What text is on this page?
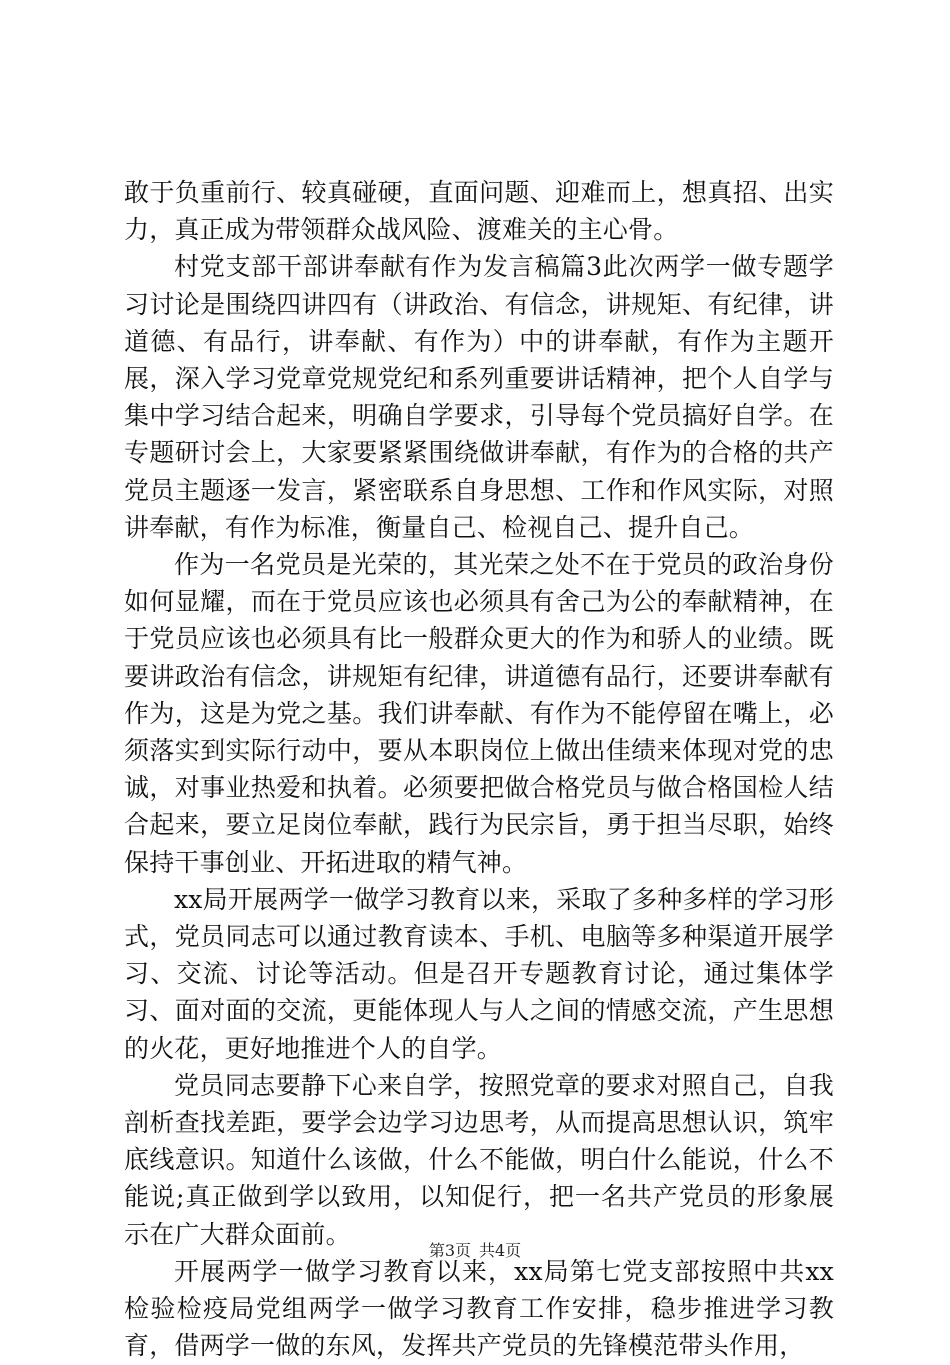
敢于负重前行、较真碰硬，直面问题、迎难而上，想真招、出实力，真正成为带领群众战风险、渡难关的主心骨。

村党支部干部讲奉献有作为发言稿篇3此次两学一做专题学习讨论是围绕四讲四有（讲政治、有信念，讲规矩、有纪律，讲道德、有品行，讲奉献、有作为）中的讲奉献，有作为主题开展，深入学习党章党规党纪和系列重要讲话精神，把个人自学与集中学习结合起来，明确自学要求，引导每个党员搞好自学。在专题研讨会上，大家要紧紧围绕做讲奉献，有作为的合格的共产党员主题逐一发言，紧密联系自身思想、工作和作风实际，对照讲奉献，有作为标准，衡量自己、检视自己、提升自己。

作为一名党员是光荣的，其光荣之处不在于党员的政治身份如何显耀，而在于党员应该也必须具有舍己为公的奉献精神，在于党员应该也必须具有比一般群众更大的作为和骄人的业绩。既要讲政治有信念，讲规矩有纪律，讲道德有品行，还要讲奉献有作为，这是为党之基。我们讲奉献、有作为不能停留在嘴上，必须落实到实际行动中，要从本职岗位上做出佳绩来体现对党的忠诚，对事业热爱和执着。必须要把做合格党员与做合格国检人结合起来，要立足岗位奉献，践行为民宗旨，勇于担当尽职，始终保持干事创业、开拓进取的精气神。

xx局开展两学一做学习教育以来，采取了多种多样的学习形式，党员同志可以通过教育读本、手机、电脑等多种渠道开展学习、交流、讨论等活动。但是召开专题教育讨论，通过集体学习、面对面的交流，更能体现人与人之间的情感交流，产生思想的火花，更好地推进个人的自学。

党员同志要静下心来自学，按照党章的要求对照自己，自我剖析查找差距，要学会边学习边思考，从而提高思想认识，筑牢底线意识。知道什么该做，什么不能做，明白什么能说，什么不能说;真正做到学以致用，以知促行，把一名共产党员的形象展示在广大群众面前。

开展两学一做学习教育以来，xx局第七党支部按照中共xx检验检疫局党组两学一做学习教育工作安排，稳步推进学习教育，借两学一做的东风，发挥共产党员的先锋模范带头作用，

第3页 共4页
